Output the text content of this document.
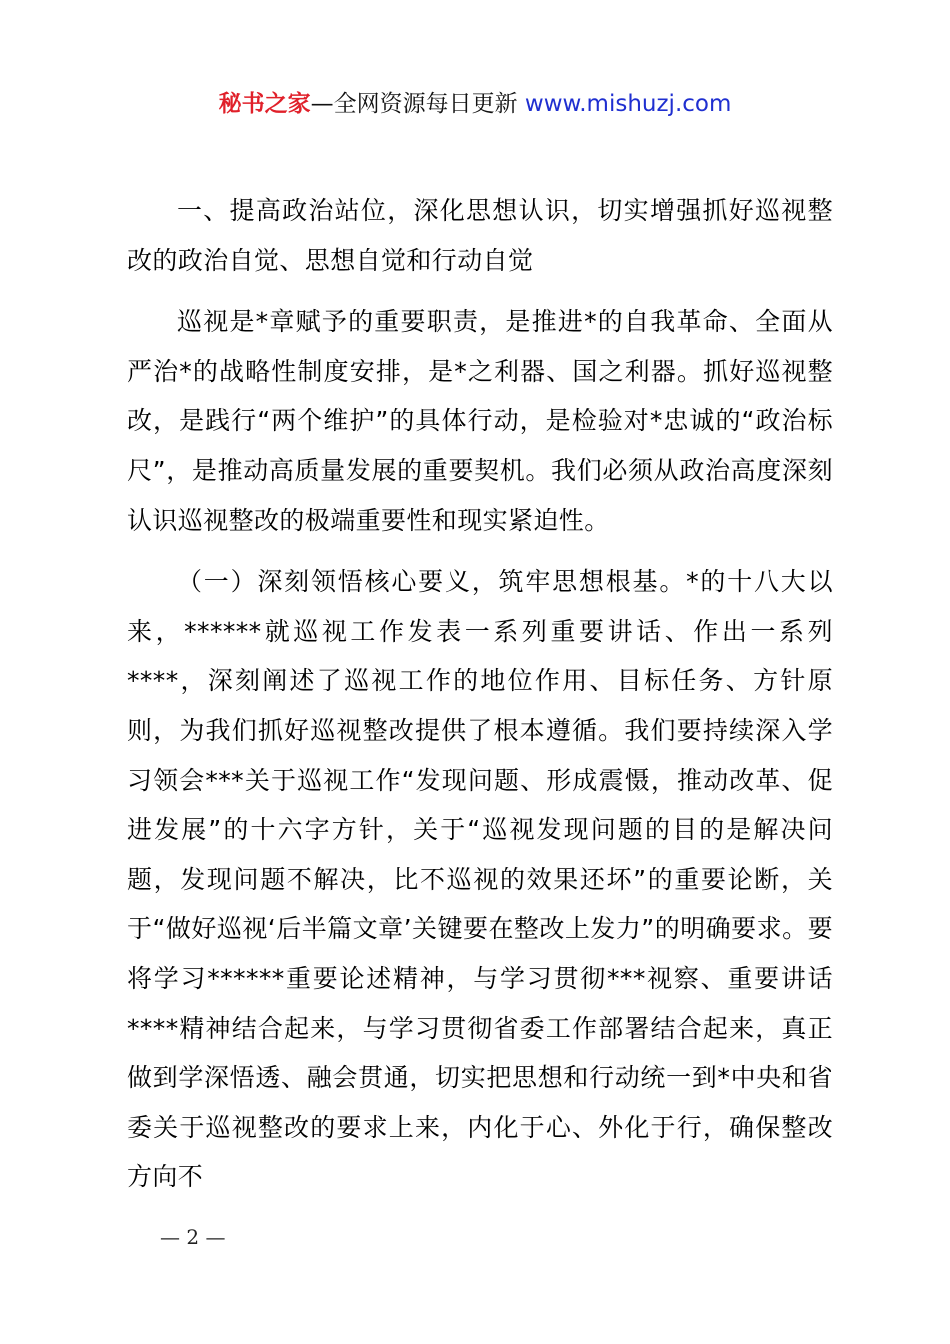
秘书之家—全网资源每日更新 www.mishuzj.com

一、提高政治站位，深化思想认识，切实增强抓好巡视整改的政治自觉、思想自觉和行动自觉

巡视是*章赋予的重要职责，是推进*的自我革命、全面从严治*的战略性制度安排，是*之利器、国之利器。抓好巡视整改，是践行“两个维护”的具体行动，是检验对*忠诚的“政治标尺”，是推动高质量发展的重要契机。我们必须从政治高度深刻认识巡视整改的极端重要性和现实紧迫性。

（一）深刻领悟核心要义，筑牢思想根基。*的十八大以来，******就巡视工作发表一系列重要讲话、作出一系列****，深刻阐述了巡视工作的地位作用、目标任务、方针原则，为我们抓好巡视整改提供了根本遵循。我们要持续深入学习领会***关于巡视工作“发现问题、形成震慑，推动改革、促进发展”的十六字方针，关于“巡视发现问题的目的是解决问题，发现问题不解决，比不巡视的效果还坏”的重要论断，关于“做好巡视‘后半篇文章’关键要在整改上发力”的明确要求。要将学习******重要论述精神，与学习贯彻***视察、重要讲话****精神结合起来，与学习贯彻省委工作部署结合起来，真正做到学深悟透、融会贯通，切实把思想和行动统一到*中央和省委关于巡视整改的要求上来，内化于心、外化于行，确保整改方向不

— 2 —
